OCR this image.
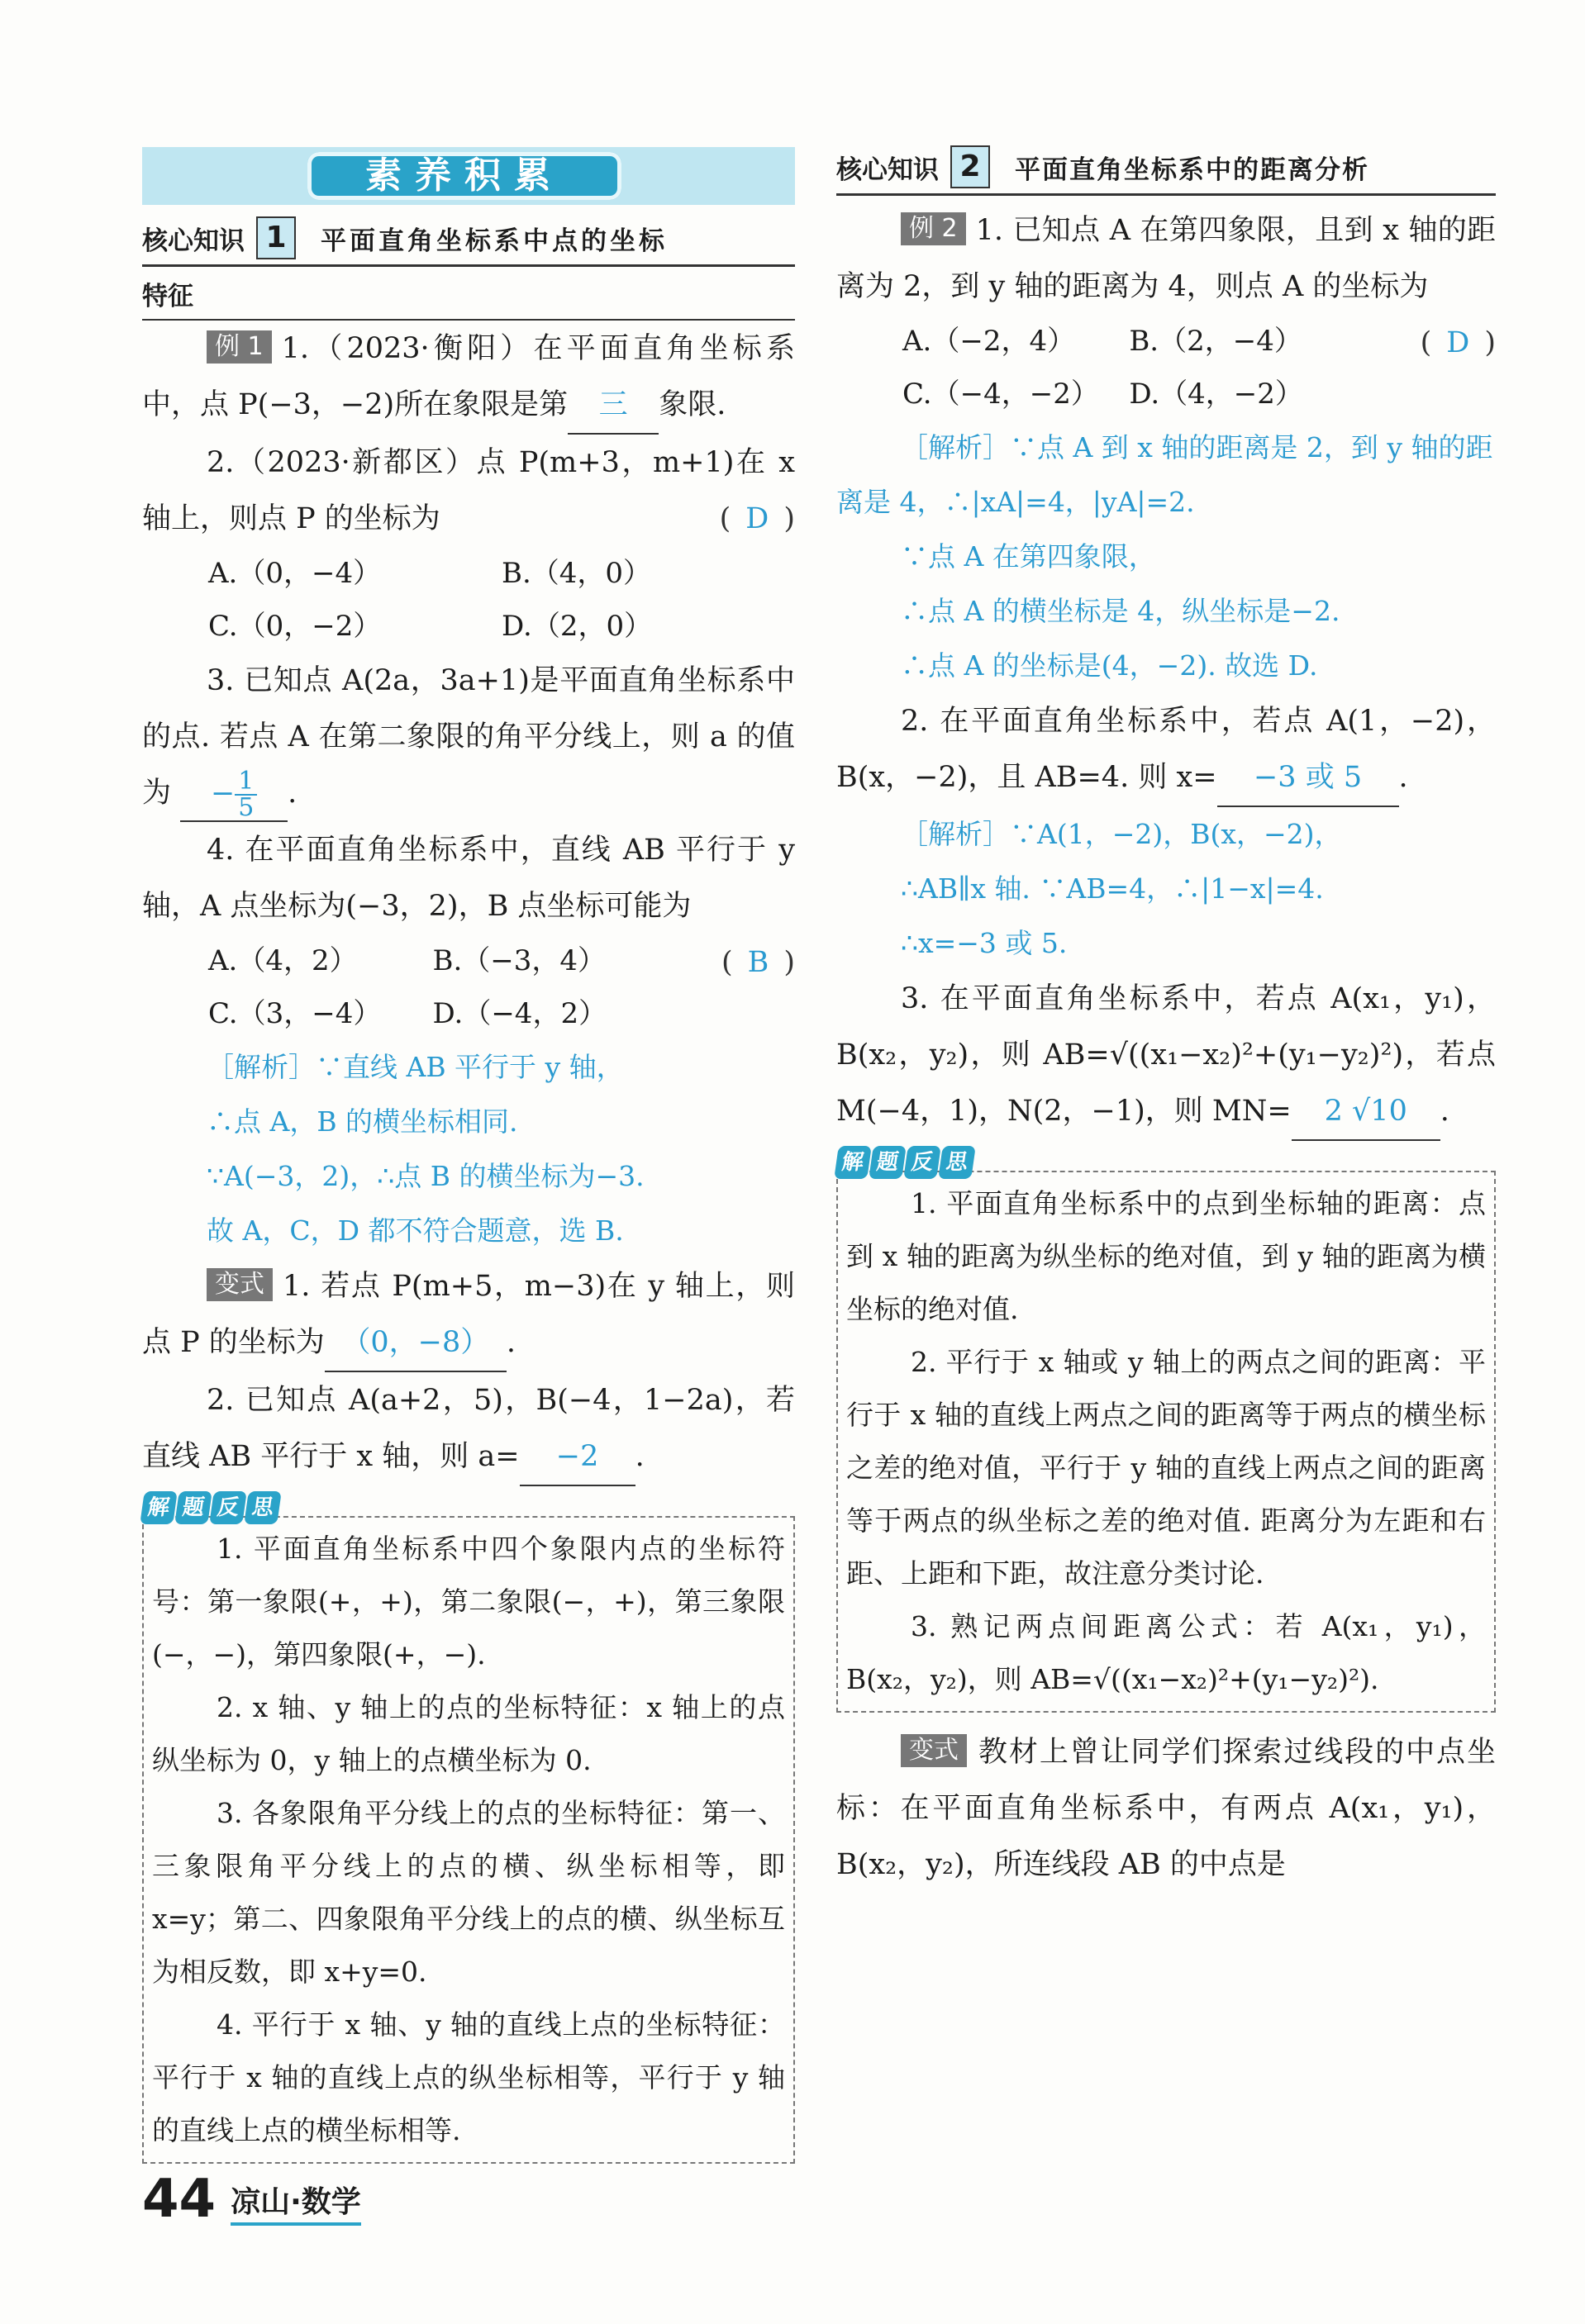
素养积累
核心知识 1	平面直角坐标系中点的坐标
特征

例 1 1.（2023·衡阳）在平面直角坐标系中，点 P(−3，−2)所在象限是第 三 象限.

2.（2023·新都区）点 P(m+3，m+1)在 x 轴上，则点 P 的坐标为	( D )

A.（0，−4）	B.（4，0）
C.（0，−2）	D.（2，0）

3. 已知点 A(2a，3a+1)是平面直角坐标系中的点. 若点 A 在第二象限的角平分线上，则 a 的值为 − $\frac{1}{5}$ .

4. 在平面直角坐标系中，直线 AB 平行于 y 轴，A 点坐标为(−3，2)，B 点坐标可能为
( B )

A.（4，2）	B.（−3，4）
C.（3，−4）	D.（−4，2）
［解析］∵直线 AB 平行于 y 轴，
∴点 A，B 的横坐标相同.
∵A(−3，2)，∴点 B 的横坐标为−3.
故 A，C，D 都不符合题意，选 B.

变式 1. 若点 P(m+5，m−3)在 y 轴上，则点 P 的坐标为 （0，−8） .

2. 已知点 A(a+2，5)，B(−4，1−2a)，若直线 AB 平行于 x 轴，则 a= −2 .

解 题 反 思

1. 平面直角坐标系中四个象限内点的坐标符号：第一象限(+，+)，第二象限(−，+)，第三象限(−，−)，第四象限(+，−).

2. x 轴、y 轴上的点的坐标特征：x 轴上的点纵坐标为 0，y 轴上的点横坐标为 0.

3. 各象限角平分线上的点的坐标特征：第一、三象限角平分线上的点的横、纵坐标相等，即 x=y；第二、四象限角平分线上的点的横、纵坐标互为相反数，即 x+y=0.

4. 平行于 x 轴、y 轴的直线上点的坐标特征：平行于 x 轴的直线上点的纵坐标相等，平行于 y 轴的直线上点的横坐标相等.

核心知识 2	平面直角坐标系中的距离分析

例 2 1. 已知点 A 在第四象限，且到 x 轴的距离为 2，到 y 轴的距离为 4，则点 A 的坐标为
( D )

A.（−2，4）	B.（2，−4）
C.（−4，−2）	D.（4，−2）
［解析］∵点 A 到 x 轴的距离是 2，到 y 轴的距离是 4，∴|xA|=4，|yA|=2.
∵点 A 在第四象限，
∴点 A 的横坐标是 4，纵坐标是−2.
∴点 A 的坐标是(4，−2). 故选 D.

2. 在平面直角坐标系中，若点 A(1，−2)，B(x，−2)，且 AB=4. 则 x= −3 或 5 .

［解析］∵A(1，−2)，B(x，−2)，
∴AB∥x 轴. ∵AB=4，∴|1−x|=4.
∴x=−3 或 5.

3. 在平面直角坐标系中，若点 A(x₁，y₁)，B(x₂，y₂)，则 AB=√((x₁−x₂)²+(y₁−y₂)²)，若点 M(−4，1)，N(2，−1)，则 MN= 2 √10 .

解 题 反 思

1. 平面直角坐标系中的点到坐标轴的距离：点到 x 轴的距离为纵坐标的绝对值，到 y 轴的距离为横坐标的绝对值.

2. 平行于 x 轴或 y 轴上的两点之间的距离：平行于 x 轴的直线上两点之间的距离等于两点的横坐标之差的绝对值，平行于 y 轴的直线上两点之间的距离等于两点的纵坐标之差的绝对值. 距离分为左距和右距、上距和下距，故注意分类讨论.

3. 熟记两点间距离公式：若 A(x₁，y₁)，B(x₂，y₂)，则 AB=√((x₁−x₂)²+(y₁−y₂)²).

变式 教材上曾让同学们探索过线段的中点坐标：在平面直角坐标系中，有两点 A(x₁，y₁)，B(x₂，y₂)，所连线段 AB 的中点是

44 凉山·数学
